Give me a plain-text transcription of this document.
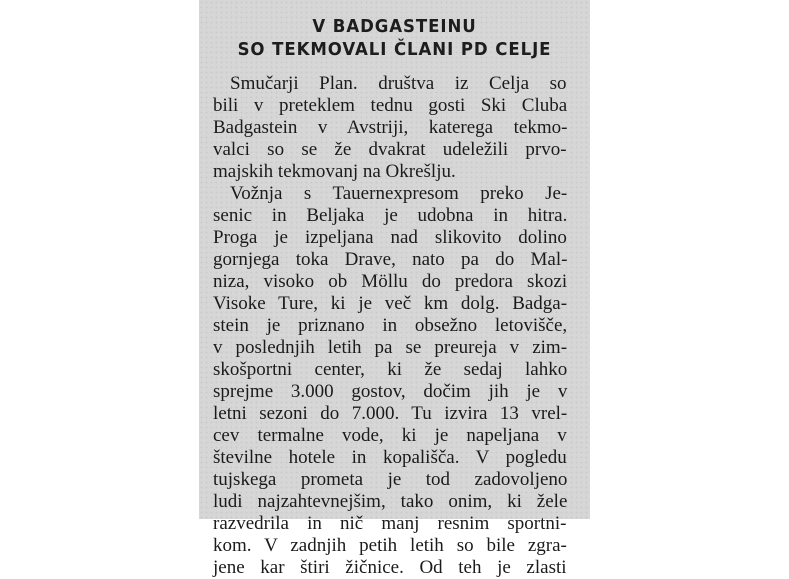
V BADGASTEINU
SO TEKMOVALI ČLANI PD CELJE
Smučarji Plan. društva iz Celja so
bili v preteklem tednu gosti Ski Cluba
Badgastein v Avstriji, katerega tekmo-
valci so se že dvakrat udeležili prvo-
majskih tekmovanj na Okrešlju.
Vožnja s Tauernexpresom preko Je-
senic in Beljaka je udobna in hitra.
Proga je izpeljana nad slikovito dolino
gornjega toka Drave, nato pa do Mal-
niza, visoko ob Möllu do predora skozi
Visoke Ture, ki je več km dolg. Badga-
stein je priznano in obsežno letovišče,
v poslednjih letih pa se preureja v zim-
skošportni center, ki že sedaj lahko
sprejme 3.000 gostov, dočim jih je v
letni sezoni do 7.000. Tu izvira 13 vrel-
cev termalne vode, ki je napeljana v
številne hotele in kopališča. V pogledu
tujskega prometa je tod zadovoljeno
ludi najzahtevnejšim, tako onim, ki žele
razvedrila in nič manj resnim sportni-
kom. V zadnjih petih letih so bile zgra-
jene kar štiri žičnice. Od teh je zlasti
